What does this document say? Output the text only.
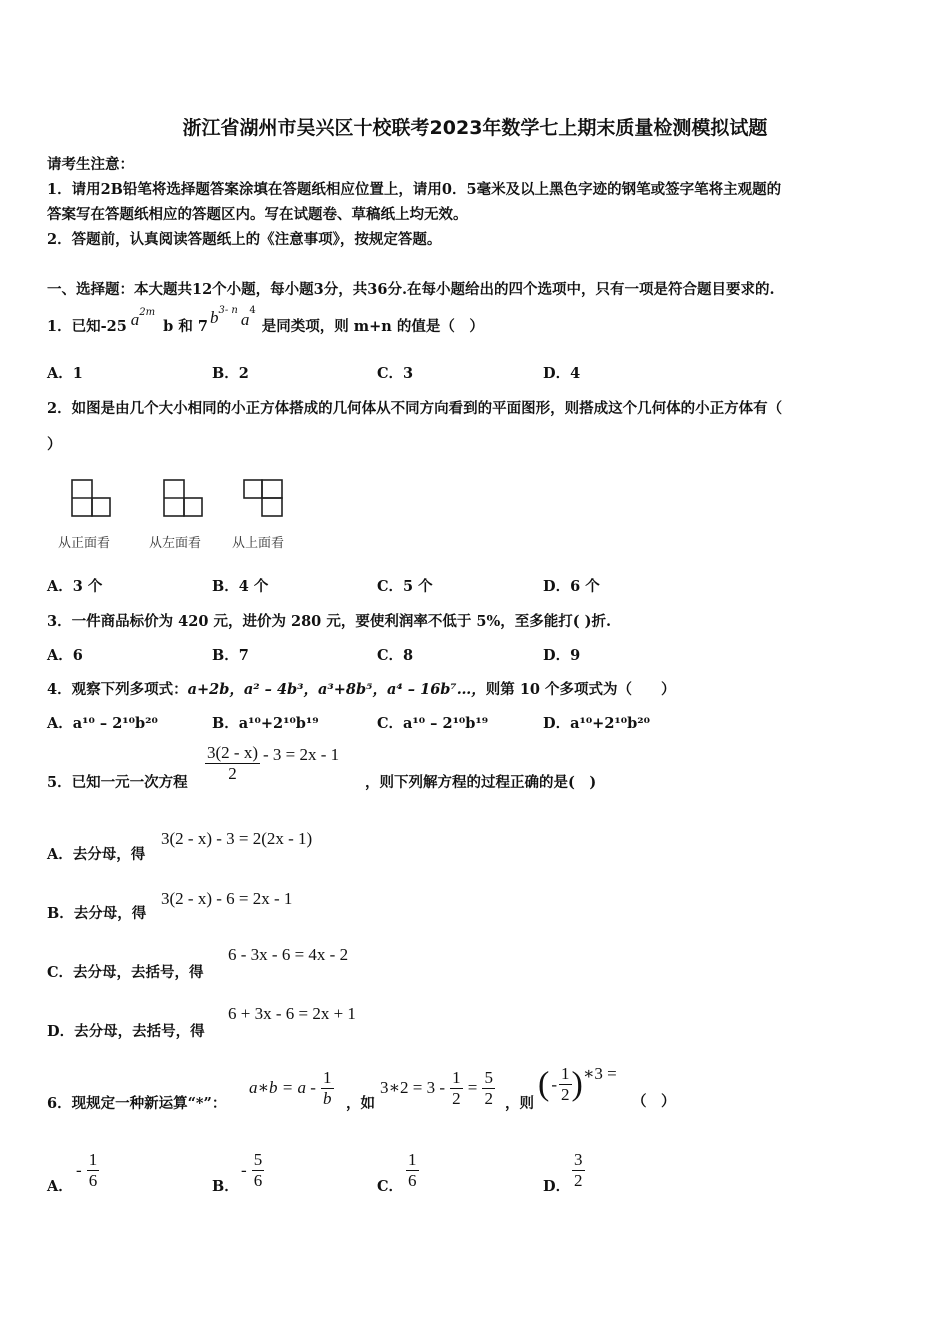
浙江省湖州市吴兴区十校联考2023年数学七上期末质量检测模拟试题
请考生注意：
1．请用2B铅笔将选择题答案涂填在答题纸相应位置上，请用0．5毫米及以上黑色字迹的钢笔或签字笔将主观题的
答案写在答题纸相应的答题区内。写在试题卷、草稿纸上均无效。
2．答题前，认真阅读答题纸上的《注意事项》，按规定答题。
一、选择题：本大题共12个小题，每小题3分，共36分.在每小题给出的四个选项中，只有一项是符合题目要求的.
1．已知-25 $a^{2m}b$ 和 7 $b^{3- n}$ $a^4$是同类项，则 m+n 的值是（　）
A．1	B．2	C．3	D．4
2．如图是由几个大小相同的小正方体搭成的几何体从不同方向看到的平面图形，则搭成这个几何体的小正方体有（
）
从正面看	从左面看 从上面看
A．3 个	B．4 个	C．5 个	D．6 个
3．一件商品标价为 420 元，进价为 280 元，要使利润率不低于 5%，至多能打( )折.
A．6	B．7	C．8	D．9
4．观察下列多项式：a+2b，a² – 4b³，a³+8b⁵，a⁴ – 16b⁷…，则第 10 个多项式为（　　）
A．a¹⁰ – 2¹⁰b²⁰	B．a¹⁰+2¹⁰b¹⁹	C．a¹⁰ – 2¹⁰b¹⁹	D．a¹⁰+2¹⁰b²⁰
5．已知一元一次方程 $\frac{3(2 - x)}{2} - 3 = 2x - 1$
，则下列解方程的过程正确的是(　)
A．去分母，得
3(2 - x) - 3 = 2(2x - 1)
B．去分母，得
3(2 - x) - 6 = 2x - 1
C．去分母，去括号，得
6 - 3x - 6 = 4x - 2
D．去分母，去括号，得
6 + 3x - 6 = 2x + 1
6．现规定一种新运算“*”：
a∗b = a - $\frac{1}{b}$ ，如
3∗2 = $3 - \frac{1}{2} = \frac{5}{2}$ ，则
( - $\frac{1}{2}$ )∗3 =
（　）
A．
- $\frac{1}{6}$	B．
- $\frac{5}{6}$	C． $\frac{1}{6}$	D． $\frac{3}{2}$
